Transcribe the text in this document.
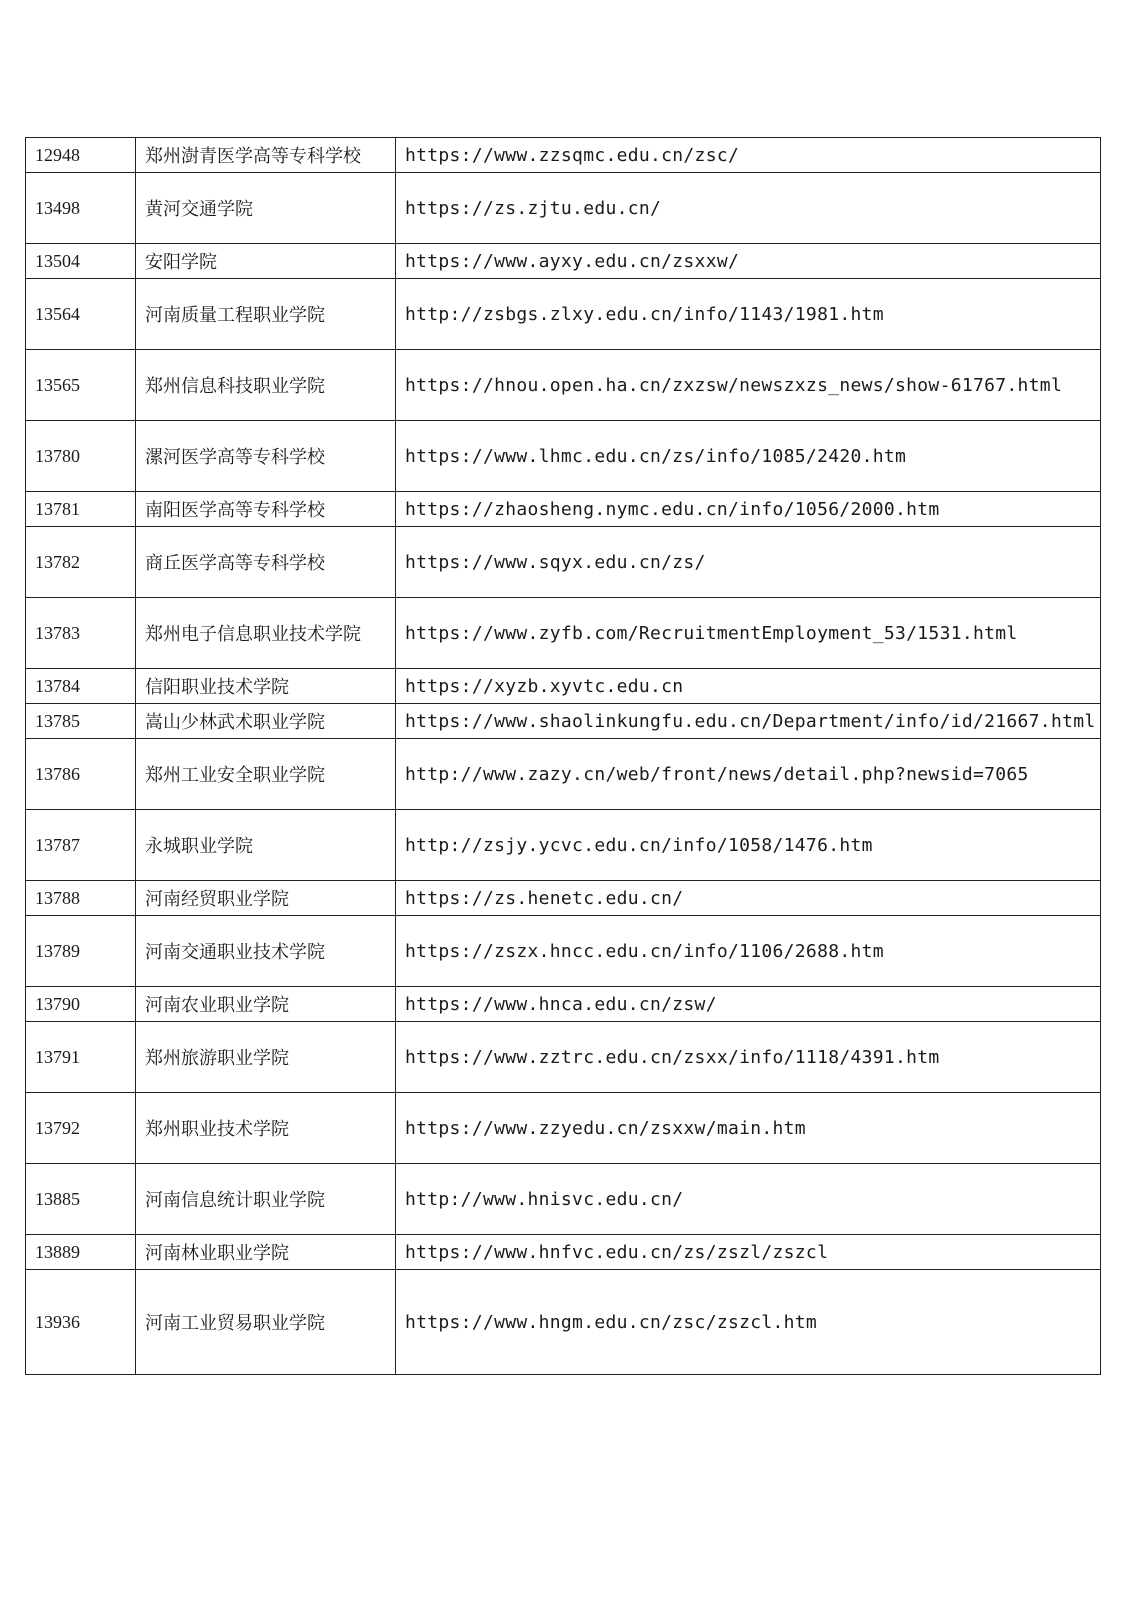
12948	郑州澍青医学高等专科学校	https://www.zzsqmc.edu.cn/zsc/
13498	黄河交通学院	https://zs.zjtu.edu.cn/
13504	安阳学院	https://www.ayxy.edu.cn/zsxxw/
13564	河南质量工程职业学院	http://zsbgs.zlxy.edu.cn/info/1143/1981.htm
13565	郑州信息科技职业学院	https://hnou.open.ha.cn/zxzsw/newszxzs_news/show-61767.html
13780	漯河医学高等专科学校	https://www.lhmc.edu.cn/zs/info/1085/2420.htm
13781	南阳医学高等专科学校	https://zhaosheng.nymc.edu.cn/info/1056/2000.htm
13782	商丘医学高等专科学校	https://www.sqyx.edu.cn/zs/
13783	郑州电子信息职业技术学院	https://www.zyfb.com/RecruitmentEmployment_53/1531.html
13784	信阳职业技术学院	https://xyzb.xyvtc.edu.cn
13785	嵩山少林武术职业学院	https://www.shaolinkungfu.edu.cn/Department/info/id/21667.html
13786	郑州工业安全职业学院	http://www.zazy.cn/web/front/news/detail.php?newsid=7065
13787	永城职业学院	http://zsjy.ycvc.edu.cn/info/1058/1476.htm
13788	河南经贸职业学院	https://zs.henetc.edu.cn/
13789	河南交通职业技术学院	https://zszx.hncc.edu.cn/info/1106/2688.htm
13790	河南农业职业学院	https://www.hnca.edu.cn/zsw/
13791	郑州旅游职业学院	https://www.zztrc.edu.cn/zsxx/info/1118/4391.htm
13792	郑州职业技术学院	https://www.zzyedu.cn/zsxxw/main.htm
13885	河南信息统计职业学院	http://www.hnisvc.edu.cn/
13889	河南林业职业学院	https://www.hnfvc.edu.cn/zs/zszl/zszcl
13936	河南工业贸易职业学院	https://www.hngm.edu.cn/zsc/zszcl.htm
